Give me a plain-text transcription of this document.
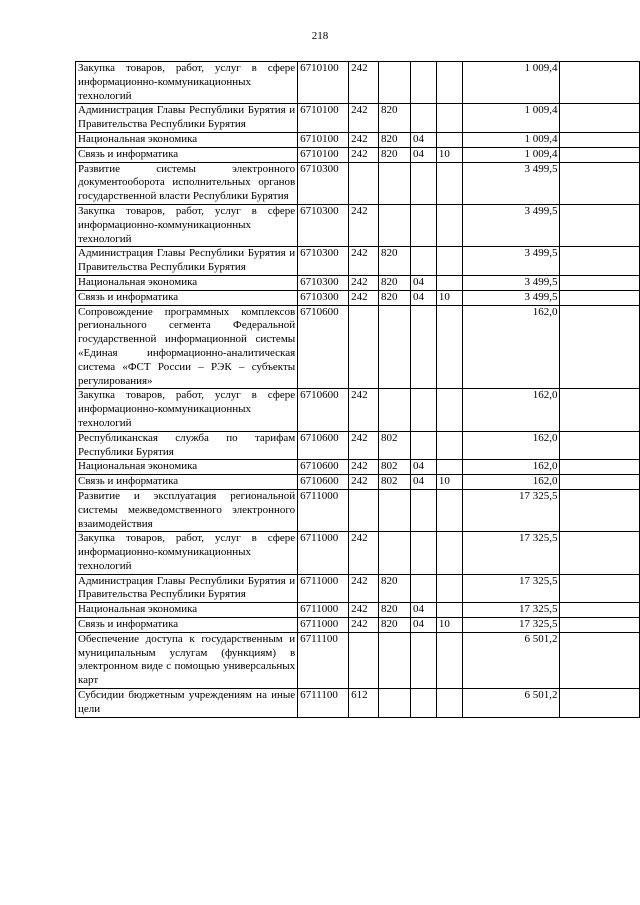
218
Закупка товаров, работ, услуг в сфере информационно-коммуникационных технологий	6710100	242				1 009,4	
Администрация Главы Республики Бурятия и Правительства Республики Бурятия	6710100	242	820			1 009,4	
Национальная экономика	6710100	242	820	04		1 009,4	
Связь и информатика	6710100	242	820	04	10	1 009,4	
Развитие системы электронного документооборота исполнительных органов государственной власти Республики Бурятия	6710300					3 499,5	
Закупка товаров, работ, услуг в сфере информационно-коммуникационных технологий	6710300	242				3 499,5	
Администрация Главы Республики Бурятия и Правительства Республики Бурятия	6710300	242	820			3 499,5	
Национальная экономика	6710300	242	820	04		3 499,5	
Связь и информатика	6710300	242	820	04	10	3 499,5	
Сопровождение программных комплексов регионального сегмента Федеральной государственной информационной системы «Единая информационно-аналитическая система «ФСТ России – РЭК – субъекты регулирования»	6710600					162,0	
Закупка товаров, работ, услуг в сфере информационно-коммуникационных технологий	6710600	242				162,0	
Республиканская служба по тарифам Республики Бурятия	6710600	242	802			162,0	
Национальная экономика	6710600	242	802	04		162,0	
Связь и информатика	6710600	242	802	04	10	162,0	
Развитие и эксплуатация региональной системы межведомственного электронного взаимодействия	6711000					17 325,5	
Закупка товаров, работ, услуг в сфере информационно-коммуникационных технологий	6711000	242				17 325,5	
Администрация Главы Республики Бурятия и Правительства Республики Бурятия	6711000	242	820			17 325,5	
Национальная экономика	6711000	242	820	04		17 325,5	
Связь и информатика	6711000	242	820	04	10	17 325,5	
Обеспечение доступа к государственным и муниципальным услугам (функциям) в электронном виде с помощью универсальных карт	6711100					6 501,2	
Субсидии бюджетным учреждениям на иные цели	6711100	612				6 501,2	
